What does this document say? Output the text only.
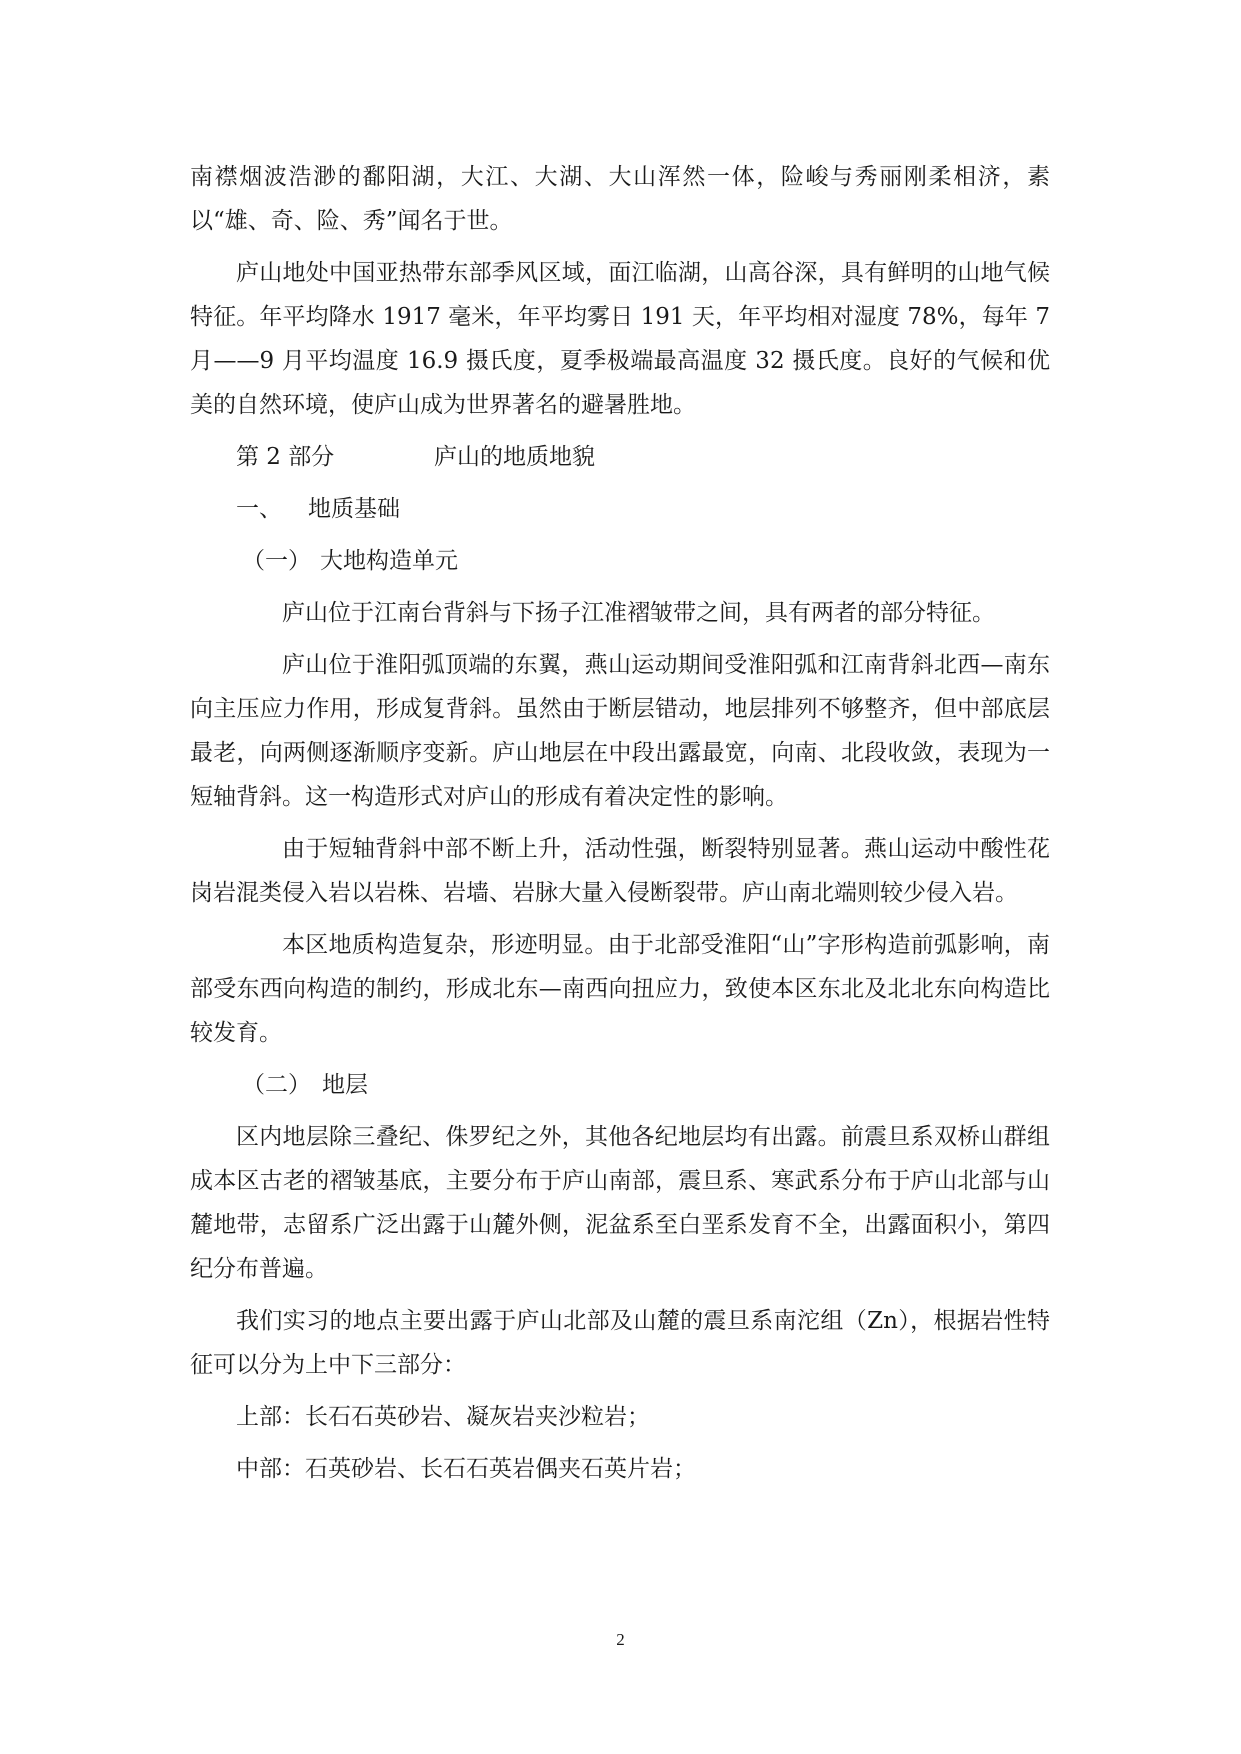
南襟烟波浩渺的鄱阳湖，大江、大湖、大山浑然一体，险峻与秀丽刚柔相济，素以“雄、奇、险、秀”闻名于世。

庐山地处中国亚热带东部季风区域，面江临湖，山高谷深，具有鲜明的山地气候特征。年平均降水 1917 毫米，年平均雾日 191 天，年平均相对湿度 78%，每年 7 月——9 月平均温度 16.9 摄氏度，夏季极端最高温度 32 摄氏度。良好的气候和优美的自然环境，使庐山成为世界著名的避暑胜地。

第 2 部分	庐山的地质地貌
一、 地质基础
（一） 大地构造单元

庐山位于江南台背斜与下扬子江准褶皱带之间，具有两者的部分特征。

庐山位于淮阳弧顶端的东翼，燕山运动期间受淮阳弧和江南背斜北西—南东向主压应力作用，形成复背斜。虽然由于断层错动，地层排列不够整齐，但中部底层最老，向两侧逐渐顺序变新。庐山地层在中段出露最宽，向南、北段收敛，表现为一短轴背斜。这一构造形式对庐山的形成有着决定性的影响。

由于短轴背斜中部不断上升，活动性强，断裂特别显著。燕山运动中酸性花岗岩混类侵入岩以岩株、岩墙、岩脉大量入侵断裂带。庐山南北端则较少侵入岩。

本区地质构造复杂，形迹明显。由于北部受淮阳“山”字形构造前弧影响，南部受东西向构造的制约，形成北东—南西向扭应力，致使本区东北及北北东向构造比较发育。

（二） 地层

区内地层除三叠纪、侏罗纪之外，其他各纪地层均有出露。前震旦系双桥山群组成本区古老的褶皱基底，主要分布于庐山南部，震旦系、寒武系分布于庐山北部与山麓地带，志留系广泛出露于山麓外侧，泥盆系至白垩系发育不全，出露面积小，第四纪分布普遍。

我们实习的地点主要出露于庐山北部及山麓的震旦系南沱组（Zn），根据岩性特征可以分为上中下三部分：

上部：长石石英砂岩、凝灰岩夹沙粒岩；
中部：石英砂岩、长石石英岩偶夹石英片岩；
2
